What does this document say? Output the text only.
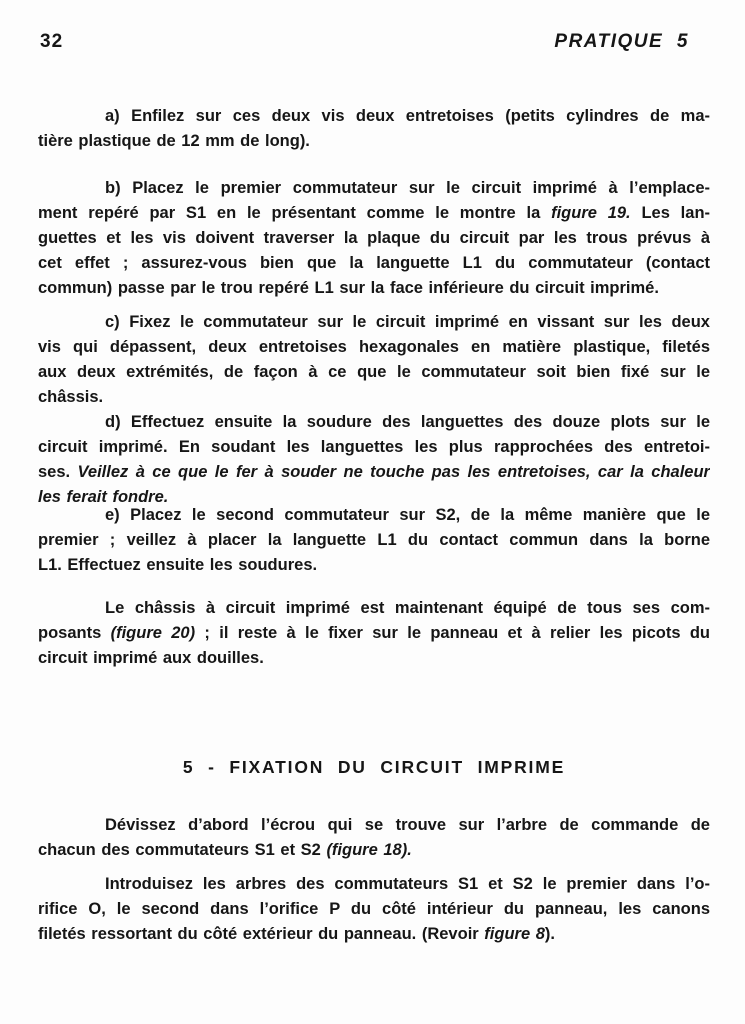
32	PRATIQUE 5
a) Enfilez sur ces deux vis deux entretoises (petits cylindres de ma-
tière plastique de 12 mm de long).
b) Placez le premier commutateur sur le circuit imprimé à l’emplace-
ment repéré par S1 en le présentant comme le montre la figure 19. Les lan-
guettes et les vis doivent traverser la plaque du circuit par les trous prévus à
cet effet ; assurez-vous bien que la languette L1 du commutateur (contact
commun) passe par le trou repéré L1 sur la face inférieure du circuit imprimé.
c) Fixez le commutateur sur le circuit imprimé en vissant sur les deux
vis qui dépassent, deux entretoises hexagonales en matière plastique, filetés
aux deux extrémités, de façon à ce que le commutateur soit bien fixé sur le
châssis.
d) Effectuez ensuite la soudure des languettes des douze plots sur le
circuit imprimé. En soudant les languettes les plus rapprochées des entretoi-
ses. Veillez à ce que le fer à souder ne touche pas les entretoises, car la chaleur
les ferait fondre.
e) Placez le second commutateur sur S2, de la même manière que le
premier ; veillez à placer la languette L1 du contact commun dans la borne
L1. Effectuez ensuite les soudures.
Le châssis à circuit imprimé est maintenant équipé de tous ses com-
posants (figure 20) ; il reste à le fixer sur le panneau et à relier les picots du
circuit imprimé aux douilles.
5 - FIXATION DU CIRCUIT IMPRIME
Dévissez d’abord l’écrou qui se trouve sur l’arbre de commande de
chacun des commutateurs S1 et S2 (figure 18).
Introduisez les arbres des commutateurs S1 et S2 le premier dans l’o-
rifice O, le second dans l’orifice P du côté intérieur du panneau, les canons
filetés ressortant du côté extérieur du panneau. (Revoir figure 8).
